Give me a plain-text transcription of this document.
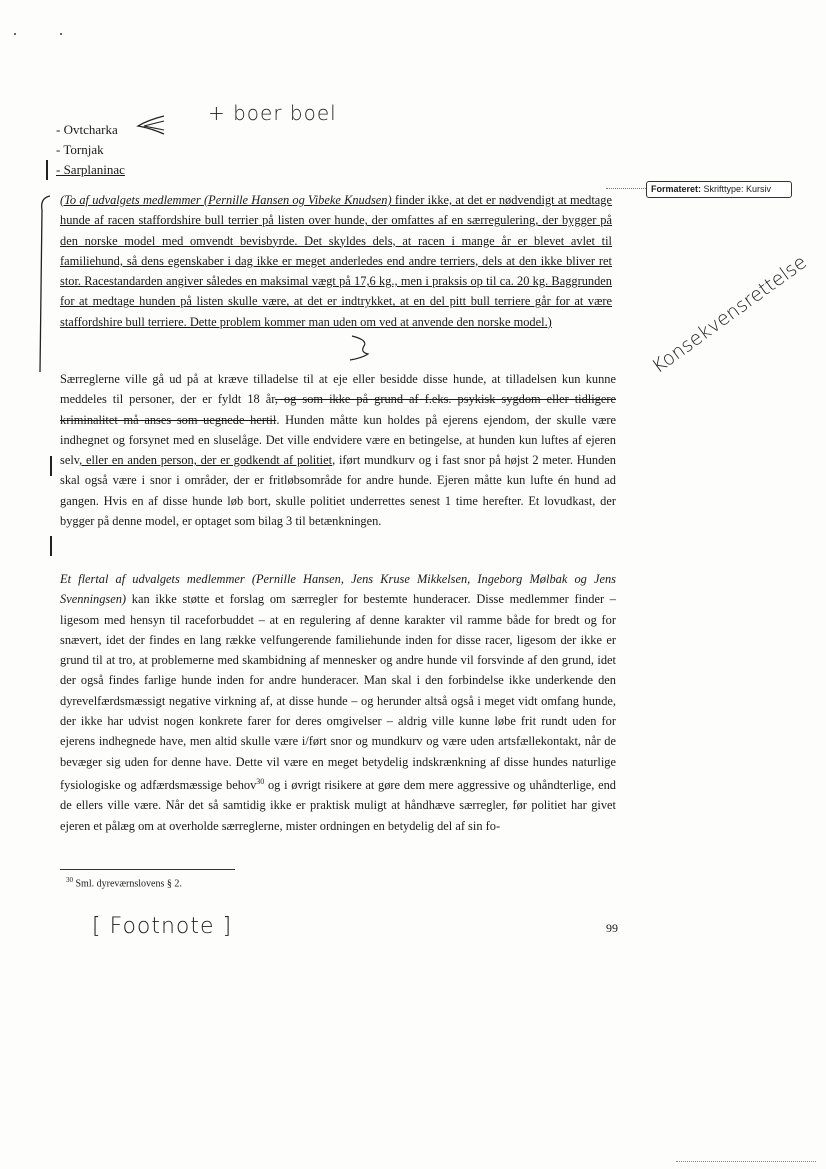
+ boer boel
- Ovtcharka
- Tornjak
- Sarplaninac
Formateret: Skrifttype: Kursiv
(To af udvalgets medlemmer (Pernille Hansen og Vibeke Knudsen) finder ikke, at det er nødvendigt at medtage hunde af racen staffordshire bull terrier på listen over hunde, der omfattes af en særregulering, der bygger på den norske model med omvendt bevisbyrde. Det skyldes dels, at racen i mange år er blevet avlet til familiehund, så dens egenskaber i dag ikke er meget anderledes end andre terriers, dels at den ikke bliver ret stor. Racestandarden angiver således en maksimal vægt på 17,6 kg., men i praksis op til ca. 20 kg. Baggrunden for at medtage hunden på listen skulle være, at det er indtrykket, at en del pitt bull terriere går for at være staffordshire bull terriere. Dette problem kommer man uden om ved at anvende den norske model.)	Konsekvensrettelse
Særreglerne ville gå ud på at kræve tilladelse til at eje eller besidde disse hunde, at tilladelsen kun kunne meddeles til personer, der er fyldt 18 år, og som ikke på grund af f.eks. psykisk sygdom eller tidligere kriminalitet må anses som uegnede hertil. Hunden måtte kun holdes på ejerens ejendom, der skulle være indhegnet og forsynet med en sluselåge. Det ville endvidere være en betingelse, at hunden kun luftes af ejeren selv, eller en anden person, der er godkendt af politiet, iført mundkurv og i fast snor på højst 2 meter. Hunden skal også være i snor i områder, der er fritløbsområde for andre hunde. Ejeren måtte kun lufte én hund ad gangen. Hvis en af disse hunde løb bort, skulle politiet underrettes senest 1 time herefter. Et lovudkast, der bygger på denne model, er optaget som bilag 3 til betænkningen.
Et flertal af udvalgets medlemmer (Pernille Hansen, Jens Kruse Mikkelsen, Ingeborg Mølbak og Jens Svenningsen) kan ikke støtte et forslag om særregler for bestemte hunderacer. Disse medlemmer finder – ligesom med hensyn til raceforbuddet – at en regulering af denne karakter vil ramme både for bredt og for snævert, idet der findes en lang række velfungerende familiehunde inden for disse racer, ligesom der ikke er grund til at tro, at problemerne med skambidning af mennesker og andre hunde vil forsvinde af den grund, idet der også findes farlige hunde inden for andre hunderacer. Man skal i den forbindelse ikke underkende den dyrevelfærdsmæssigt negative virkning af, at disse hunde – og herunder altså også i meget vidt omfang hunde, der ikke har udvist nogen konkrete farer for deres omgivelser – aldrig ville kunne løbe frit rundt uden for ejerens indhegnede have, men altid skulle være i/ført snor og mundkurv og være uden artsfællekontakt, når de bevæger sig uden for denne have. Dette vil være en meget betydelig indskrænkning af disse hundes naturlige fysiologiske og adfærdsmæssige behov$^{30}$ og i øvrigt risikere at gøre dem mere aggressive og uhåndterlige, end de ellers ville være. Når det så samtidig ikke er praktisk muligt at håndhæve særregler, før politiet har givet ejeren et pålæg om at overholde særreglerne, mister ordningen en betydelig del af sin fo-
$^{30}$ Sml. dyreværnslovens § 2.
[ Footnote ]	99
